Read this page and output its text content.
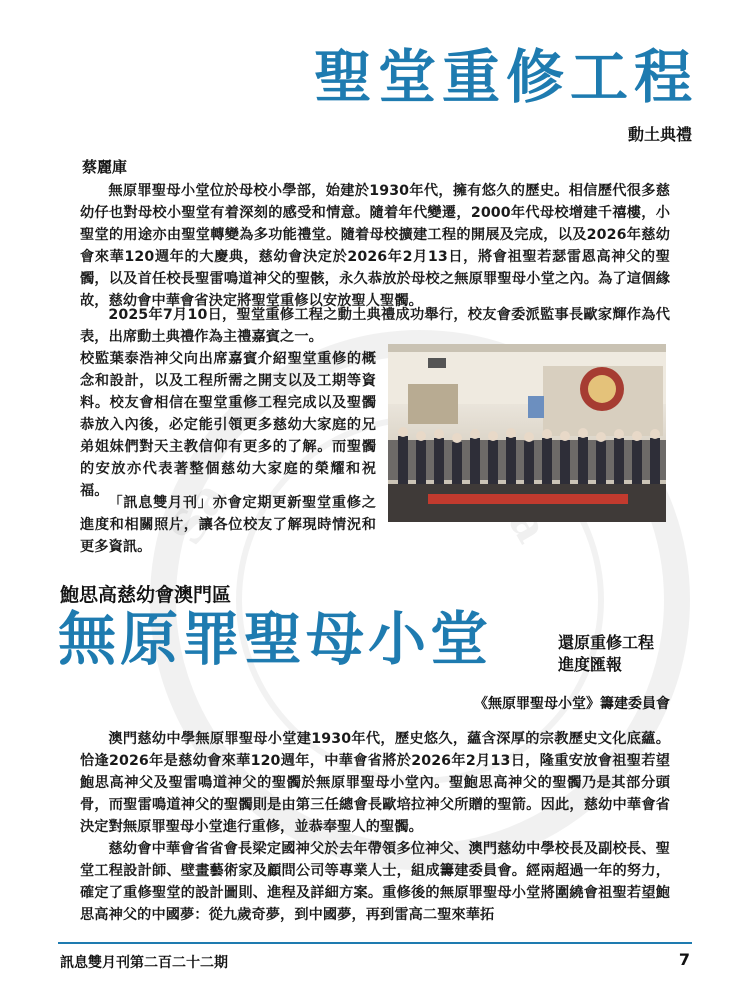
Sa
聖堂重修工程
動土典禮
蔡麗庫

無原罪聖母小堂位於母校小學部，始建於1930年代，擁有悠久的歷史。相信歷代很多慈幼仔也對母校小聖堂有着深刻的感受和情意。隨着年代變遷，2000年代母校增建千禧樓，小聖堂的用途亦由聖堂轉變為多功能禮堂。隨着母校擴建工程的開展及完成，以及2026年慈幼會來華120週年的大慶典，慈幼會決定於2026年2月13日，將會祖聖若瑟雷恩高神父的聖髑，以及首任校長聖雷鳴道神父的聖骸，永久恭放於母校之無原罪聖母小堂之內。為了這個緣故，慈幼會中華會省決定將聖堂重修以安放聖人聖髑。

2025年7月10日，聖堂重修工程之動土典禮成功舉行，校友會委派監事長歐家輝作為代表，出席動土典禮作為主禮嘉賓之一。

校監葉泰浩神父向出席嘉賓介紹聖堂重修的概念和設計，以及工程所需之開支以及工期等資料。校友會相信在聖堂重修工程完成以及聖髑恭放入內後，必定能引領更多慈幼大家庭的兄弟姐妹們對天主教信仰有更多的了解。而聖髑的安放亦代表著整個慈幼大家庭的榮耀和祝福。

「訊息雙月刊」亦會定期更新聖堂重修之進度和相關照片，讓各位校友了解現時情況和更多資訊。

鮑思高慈幼會澳門區
無原罪聖母小堂	還原重修工程
進度匯報
《無原罪聖母小堂》籌建委員會

澳門慈幼中學無原罪聖母小堂建1930年代，歷史悠久，蘊含深厚的宗教歷史文化底蘊。恰逢2026年是慈幼會來華120週年，中華會省將於2026年2月13日，隆重安放會祖聖若望鮑思高神父及聖雷鳴道神父的聖髑於無原罪聖母小堂內。聖鮑思高神父的聖髑乃是其部分頭骨，而聖雷鳴道神父的聖髑則是由第三任總會長歐培拉神父所贈的聖箭。因此，慈幼中華會省決定對無原罪聖母小堂進行重修，並恭奉聖人的聖髑。

慈幼會中華會省省會長梁定國神父於去年帶領多位神父、澳門慈幼中學校長及副校長、聖堂工程設計師、壁畫藝術家及顧問公司等專業人士，組成籌建委員會。經兩超過一年的努力，確定了重修聖堂的設計圖則、進程及詳細方案。重修後的無原罪聖母小堂將圍繞會祖聖若望鮑思高神父的中國夢：從九歲奇夢，到中國夢，再到雷高二聖來華拓

訊息雙月刊第二百二十二期	7
